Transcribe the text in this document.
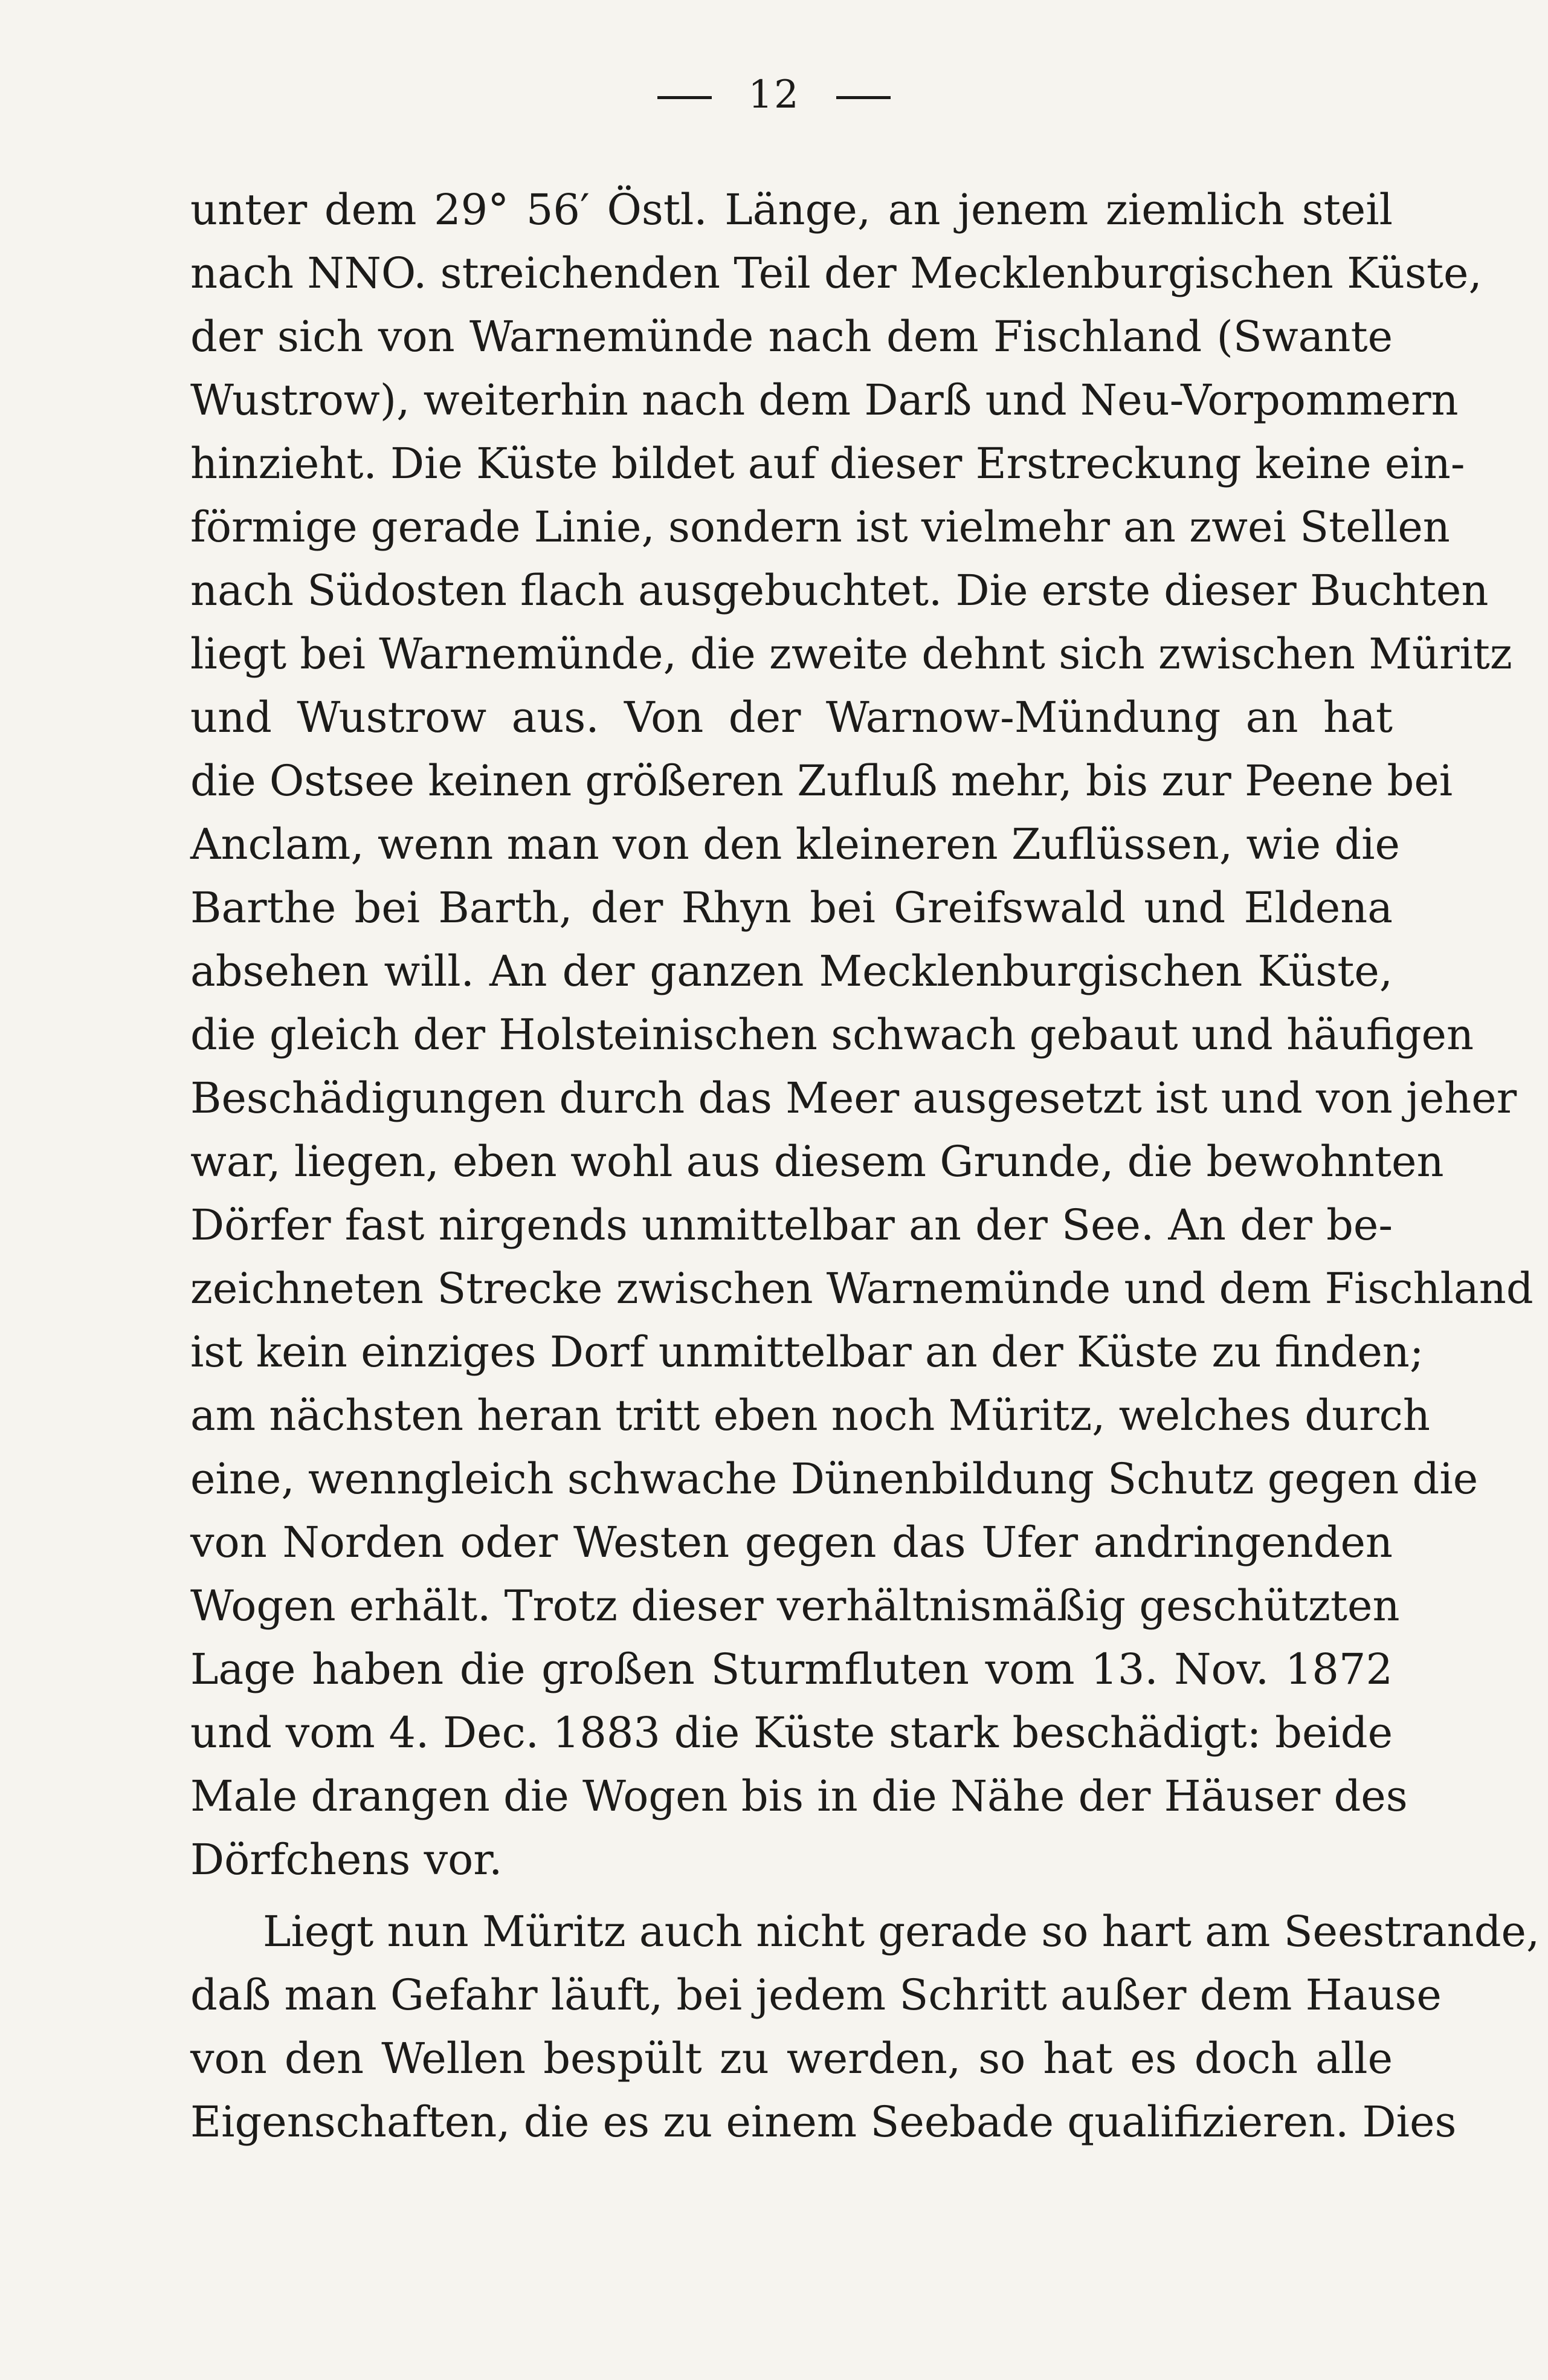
12
unter dem 29° 56′ Östl. Länge, an jenem ziemlich steil
nach NNO. streichenden Teil der Mecklenburgischen Küste,
der sich von Warnemünde nach dem Fischland (Swante
Wustrow), weiterhin nach dem Darß und Neu-Vorpommern
hinzieht. Die Küste bildet auf dieser Erstreckung keine ein-
förmige gerade Linie, sondern ist vielmehr an zwei Stellen
nach Südosten flach ausgebuchtet. Die erste dieser Buchten
liegt bei Warnemünde, die zweite dehnt sich zwischen Müritz
und Wustrow aus. Von der Warnow-Mündung an hat
die Ostsee keinen größeren Zufluß mehr, bis zur Peene bei
Anclam, wenn man von den kleineren Zuflüssen, wie die
Barthe bei Barth, der Rhyn bei Greifswald und Eldena
absehen will. An der ganzen Mecklenburgischen Küste,
die gleich der Holsteinischen schwach gebaut und häufigen
Beschädigungen durch das Meer ausgesetzt ist und von jeher
war, liegen, eben wohl aus diesem Grunde, die bewohnten
Dörfer fast nirgends unmittelbar an der See. An der be-
zeichneten Strecke zwischen Warnemünde und dem Fischland
ist kein einziges Dorf unmittelbar an der Küste zu finden;
am nächsten heran tritt eben noch Müritz, welches durch
eine, wenngleich schwache Dünenbildung Schutz gegen die
von Norden oder Westen gegen das Ufer andringenden
Wogen erhält. Trotz dieser verhältnismäßig geschützten
Lage haben die großen Sturmfluten vom 13. Nov. 1872
und vom 4. Dec. 1883 die Küste stark beschädigt: beide
Male drangen die Wogen bis in die Nähe der Häuser des
Dörfchens vor.
Liegt nun Müritz auch nicht gerade so hart am Seestrande,
daß man Gefahr läuft, bei jedem Schritt außer dem Hause
von den Wellen bespült zu werden, so hat es doch alle
Eigenschaften, die es zu einem Seebade qualifizieren. Dies
